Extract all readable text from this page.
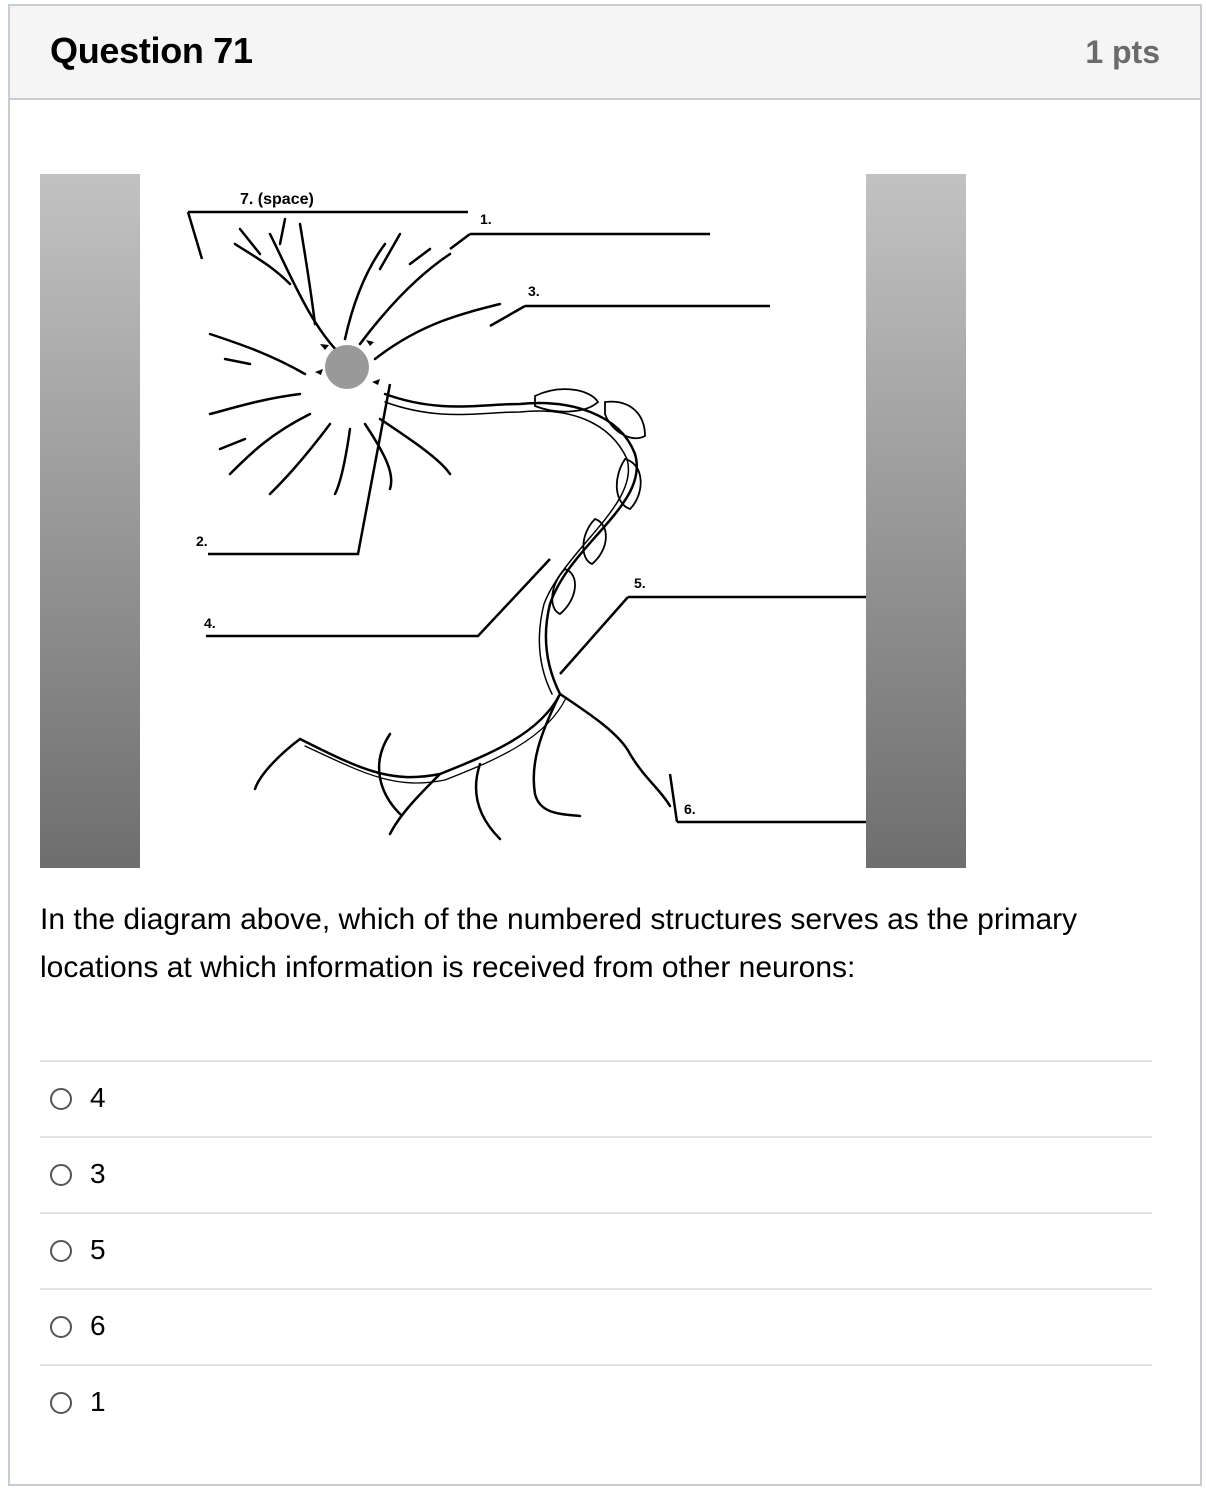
Question 71	1 pts
7. (space)
1.
3.
2.
4.
5.
6.
In the diagram above, which of the numbered structures serves as the primary locations at which information is received from other neurons:
4
3
5
6
1
